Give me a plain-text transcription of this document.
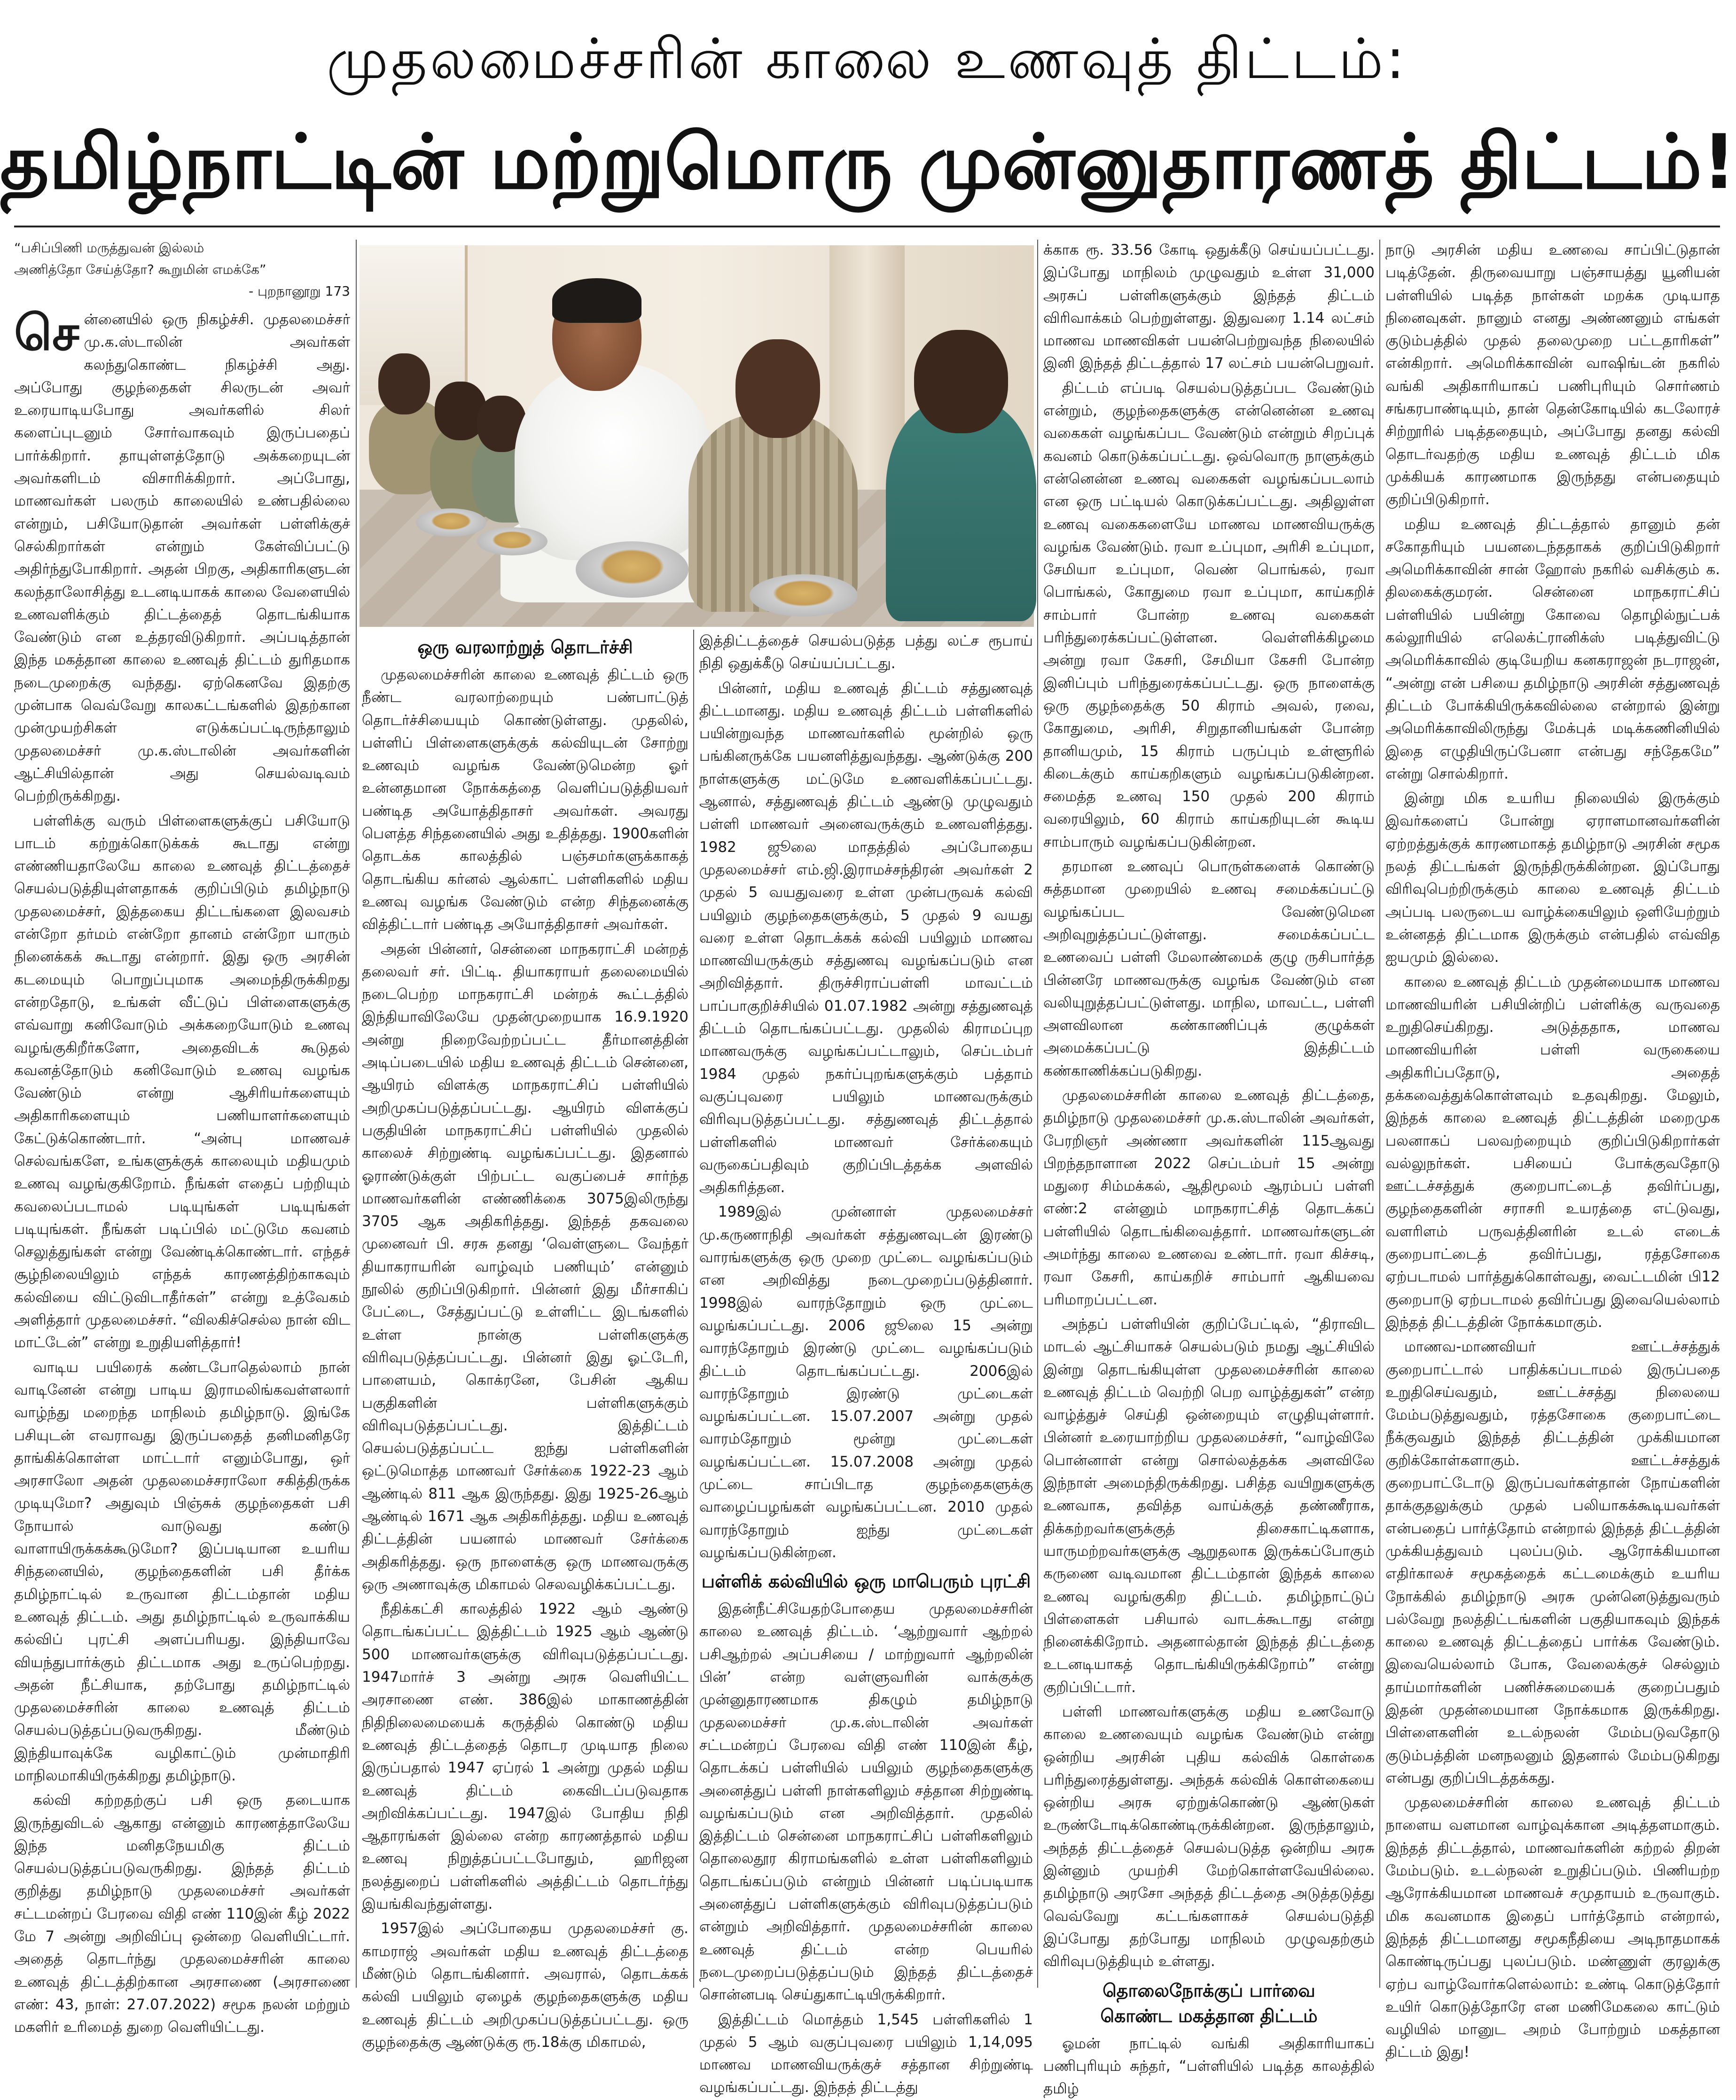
முதலமைச்சரின் காலை உணவுத் திட்டம்:
தமிழ்நாட்டின் மற்றுமொரு முன்னுதாரணத் திட்டம்!
“பசிப்பிணி மருத்துவன் இல்லம்
அணித்தோ சேய்த்தோ? கூறுமின் எமக்கே”
- புறநானூறு 173

சென்னையில் ஒரு நிகழ்ச்சி. முதலமைச்சர் மு.க.ஸ்டாலின் அவர்கள் கலந்துகொண்ட நிகழ்ச்சி அது. அப்போது குழந்தைகள் சிலருடன் அவர் உரையாடியபோது அவர்களில் சிலர் களைப்புடனும் சோர்வாகவும் இருப்பதைப் பார்க்கிறார். தாயுள்ளத்தோடு அக்கறையுடன் அவர்களிடம் விசாரிக்கிறார். அப்போது, மாணவர்கள் பலரும் காலையில் உண்பதில்லை என்றும், பசியோடுதான் அவர்கள் பள்ளிக்குச் செல்கிறார்கள் என்றும் கேள்விப்பட்டு அதிர்ந்துபோகிறார். அதன் பிறகு, அதிகாரிகளுடன் கலந்தாலோசித்து உடனடியாகக் காலை வேளையில் உணவளிக்கும் திட்டத்தைத் தொடங்கியாக வேண்டும் என உத்தரவிடுகிறார். அப்படித்தான் இந்த மகத்தான காலை உணவுத் திட்டம் துரிதமாக நடைமுறைக்கு வந்தது. ஏற்கெனவே இதற்கு முன்பாக வெவ்வேறு காலகட்டங்களில் இதற்கான முன்முயற்சிகள் எடுக்கப்பட்டிருந்தாலும் முதலமைச்சர் மு.க.ஸ்டாலின் அவர்களின் ஆட்சியில்தான் அது செயல்வடிவம் பெற்றிருக்கிறது.

பள்ளிக்கு வரும் பிள்ளைகளுக்குப் பசியோடு பாடம் கற்றுக்கொடுக்கக் கூடாது என்று எண்ணியதாலேயே காலை உணவுத் திட்டத்தைச் செயல்படுத்தியுள்ளதாகக் குறிப்பிடும் தமிழ்நாடு முதலமைச்சர், இத்தகைய திட்டங்களை இலவசம் என்றோ தர்மம் என்றோ தானம் என்றோ யாரும் நினைக்கக் கூடாது என்றார். இது ஒரு அரசின் கடமையும் பொறுப்புமாக அமைந்திருக்கிறது என்றதோடு, உங்கள் வீட்டுப் பிள்ளைகளுக்கு எவ்வாறு கனிவோடும் அக்கறையோடும் உணவு வழங்குகிறீர்களோ, அதைவிடக் கூடுதல் கவனத்தோடும் கனிவோடும் உணவு வழங்க வேண்டும் என்று ஆசிரியர்களையும் அதிகாரிகளையும் பணியாளர்களையும் கேட்டுக்கொண்டார். “அன்பு மாணவச் செல்வங்களே, உங்களுக்குக் காலையும் மதியமும் உணவு வழங்குகிறோம். நீங்கள் எதைப் பற்றியும் கவலைப்படாமல் படியுங்கள் படியுங்கள் படியுங்கள். நீங்கள் படிப்பில் மட்டுமே கவனம் செலுத்துங்கள் என்று வேண்டிக்கொண்டார். எந்தச் சூழ்நிலையிலும் எந்தக் காரணத்திற்காகவும் கல்வியை விட்டுவிடாதீர்கள்” என்று உத்வேகம் அளித்தார் முதலமைச்சர். “விலகிச்செல்ல நான் விட மாட்டேன்” என்று உறுதியளித்தார்!

வாடிய பயிரைக் கண்டபோதெல்லாம் நான் வாடினேன் என்று பாடிய இராமலிங்கவள்ளலார் வாழ்ந்து மறைந்த மாநிலம் தமிழ்நாடு. இங்கே பசியுடன் எவராவது இருப்பதைத் தனிமனிதரே தாங்கிக்கொள்ள மாட்டார் எனும்போது, ஒர் அரசாலோ அதன் முதலமைச்சராலோ சகித்திருக்க முடியுமோ? அதுவும் பிஞ்சுக் குழந்தைகள் பசி நோயால் வாடுவது கண்டு வாளாயிருக்கக்கூடுமோ? இப்படியான உயரிய சிந்தனையில், குழந்தைகளின் பசி தீர்க்க தமிழ்நாட்டில் உருவான திட்டம்தான் மதிய உணவுத் திட்டம். அது தமிழ்நாட்டில் உருவாக்கிய கல்விப் புரட்சி அளப்பரியது. இந்தியாவே வியந்துபார்க்கும் திட்டமாக அது உருப்பெற்றது. அதன் நீட்சியாக, தற்போது தமிழ்நாட்டில் முதலமைச்சரின் காலை உணவுத் திட்டம் செயல்படுத்தப்படுவருகிறது. மீண்டும் இந்தியாவுக்கே வழிகாட்டும் முன்மாதிரி மாநிலமாகியிருக்கிறது தமிழ்நாடு.

கல்வி கற்றதற்குப் பசி ஒரு தடையாக இருந்துவிடல் ஆகாது என்னும் காரணத்தாலேயே இந்த மனிதநேயமிகு திட்டம் செயல்படுத்தப்படுவருகிறது. இந்தத் திட்டம் குறித்து தமிழ்நாடு முதலமைச்சர் அவர்கள் சட்டமன்றப் பேரவை விதி எண் 110இன் கீழ் 2022 மே 7 அன்று அறிவிப்பு ஒன்றை வெளியிட்டார். அதைத் தொடர்ந்து முதலமைச்சரின் காலை உணவுத் திட்டத்திற்கான அரசாணை (அரசாணை எண்: 43, நாள்: 27.07.2022) சமூக நலன் மற்றும் மகளிர் உரிமைத் துறை வெளியிட்டது.

ஒரு வரலாற்றுத் தொடர்ச்சி

முதலமைச்சரின் காலை உணவுத் திட்டம் ஒரு நீண்ட வரலாற்றையும் பண்பாட்டுத் தொடர்ச்சியையும் கொண்டுள்ளது. முதலில், பள்ளிப் பிள்ளைகளுக்குக் கல்வியுடன் சோற்று உணவும் வழங்க வேண்டுமென்ற ஓர் உன்னதமான நோக்கத்தை வெளிப்படுத்தியவர் பண்டித அயோத்திதாசர் அவர்கள். அவரது பௌத்த சிந்தனையில் அது உதித்தது. 1900களின் தொடக்க காலத்தில் பஞ்சமர்களுக்காகத் தொடங்கிய கர்னல் ஆல்காட் பள்ளிகளில் மதிய உணவு வழங்க வேண்டும் என்ற சிந்தனைக்கு வித்திட்டார் பண்டித அயோத்திதாசர் அவர்கள்.

அதன் பின்னர், சென்னை மாநகராட்சி மன்றத் தலைவர் சர். பிட்டி. தியாகராயர் தலைமையில் நடைபெற்ற மாநகராட்சி மன்றக் கூட்டத்தில் இந்தியாவிலேயே முதன்முறையாக 16.9.1920 அன்று நிறைவேற்றப்பட்ட தீர்மானத்தின் அடிப்படையில் மதிய உணவுத் திட்டம் சென்னை, ஆயிரம் விளக்கு மாநகராட்சிப் பள்ளியில் அறிமுகப்படுத்தப்பட்டது. ஆயிரம் விளக்குப் பகுதியின் மாநகராட்சிப் பள்ளியில் முதலில் காலைச் சிற்றுண்டி வழங்கப்பட்டது. இதனால் ஓராண்டுக்குள் பிற்பட்ட வகுப்பைச் சார்ந்த மாணவர்களின் எண்ணிக்கை 3075இலிருந்து 3705 ஆக அதிகரித்தது. இந்தத் தகவலை முனைவர் பி. சரசு தனது ‘வெள்ளுடை வேந்தர் தியாகராயரின் வாழ்வும் பணியும்’ என்னும் நூலில் குறிப்பிடுகிறார். பின்னர் இது மீர்சாகிப் பேட்டை, சேத்துப்பட்டு உள்ளிட்ட இடங்களில் உள்ள நான்கு பள்ளிகளுக்கு விரிவுபடுத்தப்பட்டது. பின்னர் இது ஓட்டேரி, பாளையம், கொக்ரனே, பேசின் ஆகிய பகுதிகளின் பள்ளிகளுக்கும் விரிவுபடுத்தப்பட்டது. இத்திட்டம் செயல்படுத்தப்பட்ட ஐந்து பள்ளிகளின் ஒட்டுமொத்த மாணவர் சேர்க்கை 1922-23 ஆம் ஆண்டில் 811 ஆக இருந்தது. இது 1925-26ஆம் ஆண்டில் 1671 ஆக அதிகரித்தது. மதிய உணவுத் திட்டத்தின் பயனால் மாணவர் சேர்க்கை அதிகரித்தது. ஒரு நாளைக்கு ஒரு மாணவருக்கு ஒரு அணாவுக்கு மிகாமல் செலவழிக்கப்பட்டது.

நீதிக்கட்சி காலத்தில் 1922 ஆம் ஆண்டு தொடங்கப்பட்ட இத்திட்டம் 1925 ஆம் ஆண்டு 500 மாணவர்களுக்கு விரிவுபடுத்தப்பட்டது. 1947மார்ச் 3 அன்று அரசு வெளியிட்ட அரசாணை எண். 386இல் மாகாணத்தின் நிதிநிலைமையைக் கருத்தில் கொண்டு மதிய உணவுத் திட்டத்தைத் தொடர முடியாத நிலை இருப்பதால் 1947 ஏப்ரல் 1 அன்று முதல் மதிய உணவுத் திட்டம் கைவிடப்படுவதாக அறிவிக்கப்பட்டது. 1947இல் போதிய நிதி ஆதாரங்கள் இல்லை என்ற காரணத்தால் மதிய உணவு நிறுத்தப்பட்டபோதும், ஹரிஜன நலத்துறைப் பள்ளிகளில் அத்திட்டம் தொடர்ந்து இயங்கிவந்துள்ளது.

1957இல் அப்போதைய முதலமைச்சர் கு. காமராஜ் அவர்கள் மதிய உணவுத் திட்டத்தை மீண்டும் தொடங்கினார். அவரால், தொடக்கக் கல்வி பயிலும் ஏழைக் குழந்தைகளுக்கு மதிய உணவுத் திட்டம் அறிமுகப்படுத்தப்பட்டது. ஒரு குழந்தைக்கு ஆண்டுக்கு ரூ.18க்கு மிகாமல்,

இத்திட்டத்தைச் செயல்படுத்த பத்து லட்ச ரூபாய் நிதி ஒதுக்கீடு செய்யப்பட்டது.

பின்னர், மதிய உணவுத் திட்டம் சத்துணவுத் திட்டமானது. மதிய உணவுத் திட்டம் பள்ளிகளில் பயின்றுவந்த மாணவர்களில் மூன்றில் ஒரு பங்கினருக்கே பயனளித்துவந்தது. ஆண்டுக்கு 200 நாள்களுக்கு மட்டுமே உணவளிக்கப்பட்டது. ஆனால், சத்துணவுத் திட்டம் ஆண்டு முழுவதும் பள்ளி மாணவர் அனைவருக்கும் உணவளித்தது. 1982 ஜூலை மாதத்தில் அப்போதைய முதலமைச்சர் எம்.ஜி.இராமச்சந்திரன் அவர்கள் 2 முதல் 5 வயதுவரை உள்ள முன்பருவக் கல்வி பயிலும் குழந்தைகளுக்கும், 5 முதல் 9 வயது வரை உள்ள தொடக்கக் கல்வி பயிலும் மாணவ மாணவியருக்கும் சத்துணவு வழங்கப்படும் என அறிவித்தார். திருச்சிராப்பள்ளி மாவட்டம் பாப்பாகுறிச்சியில் 01.07.1982 அன்று சத்துணவுத் திட்டம் தொடங்கப்பட்டது. முதலில் கிராமப்புற மாணவருக்கு வழங்கப்பட்டாலும், செப்டம்பர் 1984 முதல் நகர்ப்புறங்களுக்கும் பத்தாம் வகுப்புவரை பயிலும் மாணவருக்கும் விரிவுபடுத்தப்பட்டது. சத்துணவுத் திட்டத்தால் பள்ளிகளில் மாணவர் சேர்க்கையும் வருகைப்பதிவும் குறிப்பிடத்தக்க அளவில் அதிகரித்தன.

1989இல் முன்னாள் முதலமைச்சர் மு.கருணாநிதி அவர்கள் சத்துணவுடன் இரண்டு வாரங்களுக்கு ஒரு முறை முட்டை வழங்கப்படும் என அறிவித்து நடைமுறைப்படுத்தினார். 1998இல் வாரந்தோறும் ஒரு முட்டை வழங்கப்பட்டது. 2006 ஜூலை 15 அன்று வாரந்தோறும் இரண்டு முட்டை வழங்கப்படும் திட்டம் தொடங்கப்பட்டது. 2006இல் வாரந்தோறும் இரண்டு முட்டைகள் வழங்கப்பட்டன. 15.07.2007 அன்று முதல் வாரம்தோறும் மூன்று முட்டைகள் வழங்கப்பட்டன. 15.07.2008 அன்று முதல் முட்டை சாப்பிடாத குழந்தைகளுக்கு வாழைப்பழங்கள் வழங்கப்பட்டன. 2010 முதல் வாரந்தோறும் ஐந்து முட்டைகள் வழங்கப்படுகின்றன.

பள்ளிக் கல்வியில் ஒரு மாபெரும் புரட்சி

இதன்நீட்சியேதற்போதைய முதலமைச்சரின் காலை உணவுத் திட்டம். ‘ஆற்றுவார் ஆற்றல் பசிஆற்றல் அப்பசியை / மாற்றுவார் ஆற்றலின் பின்’ என்ற வள்ளுவரின் வாக்குக்கு முன்னுதாரணமாக திகழும் தமிழ்நாடு முதலமைச்சர் மு.க.ஸ்டாலின் அவர்கள் சட்டமன்றப் பேரவை விதி எண் 110இன் கீழ், தொடக்கப் பள்ளியில் பயிலும் குழந்தைகளுக்கு அனைத்துப் பள்ளி நாள்களிலும் சத்தான சிற்றுண்டி வழங்கப்படும் என அறிவித்தார். முதலில் இத்திட்டம் சென்னை மாநகராட்சிப் பள்ளிகளிலும் தொலைதூர கிராமங்களில் உள்ள பள்ளிகளிலும் தொடங்கப்படும் என்றும் பின்னர் படிப்படியாக அனைத்துப் பள்ளிகளுக்கும் விரிவுபடுத்தப்படும் என்றும் அறிவித்தார். முதலமைச்சரின் காலை உணவுத் திட்டம் என்ற பெயரில் நடைமுறைப்படுத்தப்படும் இந்தத் திட்டத்தைச் சொன்னபடி செய்துகாட்டியிருக்கிறார்.

இத்திட்டம் மொத்தம் 1,545 பள்ளிகளில் 1 முதல் 5 ஆம் வகுப்புவரை பயிலும் 1,14,095 மாணவ மாணவியருக்குச் சத்தான சிற்றுண்டி வழங்கப்பட்டது. இந்தத் திட்டத்து

க்காக ரூ. 33.56 கோடி ஒதுக்கீடு செய்யப்பட்டது. இப்போது மாநிலம் முழுவதும் உள்ள 31,000 அரசுப் பள்ளிகளுக்கும் இந்தத் திட்டம் விரிவாக்கம் பெற்றுள்ளது. இதுவரை 1.14 லட்சம் மாணவ மாணவிகள் பயன்பெற்றுவந்த நிலையில் இனி இந்தத் திட்டத்தால் 17 லட்சம் பயன்பெறுவர்.

திட்டம் எப்படி செயல்படுத்தப்பட வேண்டும் என்றும், குழந்தைகளுக்கு என்னென்ன உணவு வகைகள் வழங்கப்பட வேண்டும் என்றும் சிறப்புக் கவனம் கொடுக்கப்பட்டது. ஒவ்வொரு நாளுக்கும் என்னென்ன உணவு வகைகள் வழங்கப்படலாம் என ஒரு பட்டியல் கொடுக்கப்பட்டது. அதிலுள்ள உணவு வகைகளையே மாணவ மாணவியருக்கு வழங்க வேண்டும். ரவா உப்புமா, அரிசி உப்புமா, சேமியா உப்புமா, வெண் பொங்கல், ரவா பொங்கல், கோதுமை ரவா உப்புமா, காய்கறிச் சாம்பார் போன்ற உணவு வகைகள் பரிந்துரைக்கப்பட்டுள்ளன. வெள்ளிக்கிழமை அன்று ரவா கேசரி, சேமியா கேசரி போன்ற இனிப்பும் பரிந்துரைக்கப்பட்டது. ஒரு நாளைக்கு ஒரு குழந்தைக்கு 50 கிராம் அவல், ரவை, கோதுமை, அரிசி, சிறுதானியங்கள் போன்ற தானியமும், 15 கிராம் பருப்பும் உள்ளூரில் கிடைக்கும் காய்கறிகளும் வழங்கப்படுகின்றன. சமைத்த உணவு 150 முதல் 200 கிராம் வரையிலும், 60 கிராம் காய்கறியுடன் கூடிய சாம்பாரும் வழங்கப்படுகின்றன.

தரமான உணவுப் பொருள்களைக் கொண்டு சுத்தமான முறையில் உணவு சமைக்கப்பட்டு வழங்கப்பட வேண்டுமென அறிவுறுத்தப்பட்டுள்ளது. சமைக்கப்பட்ட உணவைப் பள்ளி மேலாண்மைக் குழு ருசிபார்த்த பின்னரே மாணவருக்கு வழங்க வேண்டும் என வலியுறுத்தப்பட்டுள்ளது. மாநில, மாவட்ட, பள்ளி அளவிலான கண்காணிப்புக் குழுக்கள் அமைக்கப்பட்டு இத்திட்டம் கண்காணிக்கப்படுகிறது.

முதலமைச்சரின் காலை உணவுத் திட்டத்தை, தமிழ்நாடு முதலமைச்சர் மு.க.ஸ்டாலின் அவர்கள், பேரறிஞர் அண்ணா அவர்களின் 115ஆவது பிறந்தநாளான 2022 செப்டம்பர் 15 அன்று மதுரை சிம்மக்கல், ஆதிமூலம் ஆரம்பப் பள்ளி எண்:2 என்னும் மாநகராட்சித் தொடக்கப் பள்ளியில் தொடங்கிவைத்தார். மாணவர்களுடன் அமர்ந்து காலை உணவை உண்டார். ரவா கிச்சடி, ரவா கேசரி, காய்கறிச் சாம்பார் ஆகியவை பரிமாறப்பட்டன.

அந்தப் பள்ளியின் குறிப்பேட்டில், “திராவிட மாடல் ஆட்சியாகச் செயல்படும் நமது ஆட்சியில் இன்று தொடங்கியுள்ள முதலமைச்சரின் காலை உணவுத் திட்டம் வெற்றி பெற வாழ்த்துகள்” என்ற வாழ்த்துச் செய்தி ஒன்றையும் எழுதியுள்ளார். பின்னர் உரையாற்றிய முதலமைச்சர், “வாழ்விலே பொன்னாள் என்று சொல்லத்தக்க அளவிலே இந்நாள் அமைந்திருக்கிறது. பசித்த வயிறுகளுக்கு உணவாக, தவித்த வாய்க்குத் தண்ணீராக, திக்கற்றவர்களுக்குத் திசைகாட்டிகளாக, யாருமற்றவர்களுக்கு ஆறுதலாக இருக்கப்போகும் கருணை வடிவமான திட்டம்தான் இந்தக் காலை உணவு வழங்குகிற திட்டம். தமிழ்நாட்டுப் பிள்ளைகள் பசியால் வாடக்கூடாது என்று நினைக்கிறோம். அதனால்தான் இந்தத் திட்டத்தை உடனடியாகத் தொடங்கியிருக்கிறோம்” என்று குறிப்பிட்டார்.

பள்ளி மாணவர்களுக்கு மதிய உணவோடு காலை உணவையும் வழங்க வேண்டும் என்று ஒன்றிய அரசின் புதிய கல்விக் கொள்கை பரிந்துரைத்துள்ளது. அந்தக் கல்விக் கொள்கையை ஒன்றிய அரசு ஏற்றுக்கொண்டு ஆண்டுகள் உருண்டோடிக்கொண்டிருக்கின்றன. இருந்தாலும், அந்தத் திட்டத்தைச் செயல்படுத்த ஒன்றிய அரசு இன்னும் முயற்சி மேற்கொள்ளவேயில்லை. தமிழ்நாடு அரசோ அந்தத் திட்டத்தை அடுத்தடுத்து வெவ்வேறு கட்டங்களாகச் செயல்படுத்தி இப்போது தற்போது மாநிலம் முழுவதற்கும் விரிவுபடுத்தியும் உள்ளது.

தொலைநோக்குப் பார்வை
கொண்ட மகத்தான திட்டம்

ஓமன் நாட்டில் வங்கி அதிகாரியாகப் பணிபுரியும் சுந்தர், “பள்ளியில் படித்த காலத்தில் தமிழ்

நாடு அரசின் மதிய உணவை சாப்பிட்டுதான் படித்தேன். திருவையாறு பஞ்சாயத்து யூனியன் பள்ளியில் படித்த நாள்கள் மறக்க முடியாத நினைவுகள். நானும் எனது அண்ணனும் எங்கள் குடும்பத்தில் முதல் தலைமுறை பட்டதாரிகள்” என்கிறார். அமெரிக்காவின் வாஷிங்டன் நகரில் வங்கி அதிகாரியாகப் பணிபுரியும் சொர்ணம் சங்கரபாண்டியும், தான் தென்கோடியில் கடலோரச் சிற்றூரில் படித்ததையும், அப்போது தனது கல்வி தொடர்வதற்கு மதிய உணவுத் திட்டம் மிக முக்கியக் காரணமாக இருந்தது என்பதையும் குறிப்பிடுகிறார்.

மதிய உணவுத் திட்டத்தால் தானும் தன் சகோதரியும் பயனடைந்ததாகக் குறிப்பிடுகிறார் அமெரிக்காவின் சான் ஹோஸ் நகரில் வசிக்கும் க. திலகைக்குமரன். சென்னை மாநகராட்சிப் பள்ளியில் பயின்று கோவை தொழில்நுட்பக் கல்லூரியில் எலெக்ட்ரானிக்ஸ் படித்துவிட்டு அமெரிக்காவில் குடியேறிய கனகராஜன் நடராஜன், “அன்று என் பசியை தமிழ்நாடு அரசின் சத்துணவுத் திட்டம் போக்கியிருக்கவில்லை என்றால் இன்று அமெரிக்காவிலிருந்து மேக்புக் மடிக்கணினியில் இதை எழுதியிருப்பேனா என்பது சந்தேகமே” என்று சொல்கிறார்.

இன்று மிக உயரிய நிலையில் இருக்கும் இவர்களைப் போன்று ஏராளமானவர்களின் ஏற்றத்துக்குக் காரணமாகத் தமிழ்நாடு அரசின் சமூக நலத் திட்டங்கள் இருந்திருக்கின்றன. இப்போது விரிவுபெற்றிருக்கும் காலை உணவுத் திட்டம் அப்படி பலருடைய வாழ்க்கையிலும் ஒளியேற்றும் உன்னதத் திட்டமாக இருக்கும் என்பதில் எவ்வித ஐயமும் இல்லை.

காலை உணவுத் திட்டம் முதன்மையாக மாணவ மாணவியரின் பசியின்றிப் பள்ளிக்கு வருவதை உறுதிசெய்கிறது. அடுத்ததாக, மாணவ மாணவியரின் பள்ளி வருகையை அதிகரிப்பதோடு, அதைத் தக்கவைத்துக்கொள்ளவும் உதவுகிறது. மேலும், இந்தக் காலை உணவுத் திட்டத்தின் மறைமுக பலனாகப் பலவற்றையும் குறிப்பிடுகிறார்கள் வல்லுநர்கள். பசியைப் போக்குவதோடு ஊட்டச்சத்துக் குறைபாட்டைத் தவிர்ப்பது, குழந்தைகளின் சராசரி உயரத்தை எட்டுவது, வளரிளம் பருவத்தினரின் உடல் எடைக் குறைபாட்டைத் தவிர்ப்பது, ரத்தசோகை ஏற்படாமல் பார்த்துக்கொள்வது, வைட்டமின் பி12 குறைபாடு ஏற்படாமல் தவிர்ப்பது இவையெல்லாம் இந்தத் திட்டத்தின் நோக்கமாகும்.

மாணவ-மாணவியர் ஊட்டச்சத்துக் குறைபாட்டால் பாதிக்கப்படாமல் இருப்பதை உறுதிசெய்வதும், ஊட்டச்சத்து நிலையை மேம்படுத்துவதும், ரத்தசோகை குறைபாட்டை நீக்குவதும் இந்தத் திட்டத்தின் முக்கியமான குறிக்கோள்களாகும். ஊட்டச்சத்துக் குறைபாட்டோடு இருப்பவர்கள்தான் நோய்களின் தாக்குதலுக்கும் முதல் பலியாகக்கூடியவர்கள் என்பதைப் பார்த்தோம் என்றால் இந்தத் திட்டத்தின் முக்கியத்துவம் புலப்படும். ஆரோக்கியமான எதிர்காலச் சமூகத்தைக் கட்டமைக்கும் உயரிய நோக்கில் தமிழ்நாடு அரசு முன்னெடுத்துவரும் பல்வேறு நலத்திட்டங்களின் பகுதியாகவும் இந்தக் காலை உணவுத் திட்டத்தைப் பார்க்க வேண்டும். இவையெல்லாம் போக, வேலைக்குச் செல்லும் தாய்மார்களின் பணிச்சுமையைக் குறைப்பதும் இதன் முதன்மையான நோக்கமாக இருக்கிறது. பிள்ளைகளின் உடல்நலன் மேம்படுவதோடு குடும்பத்தின் மனநலனும் இதனால் மேம்படுகிறது என்பது குறிப்பிடத்தக்கது.

முதலமைச்சரின் காலை உணவுத் திட்டம் நாளைய வளமான வாழ்வுக்கான அடித்தளமாகும். இந்தத் திட்டத்தால், மாணவர்களின் கற்றல் திறன் மேம்படும். உடல்நலன் உறுதிப்படும். பிணியற்ற ஆரோக்கியமான மாணவச் சமுதாயம் உருவாகும். மிக கவனமாக இதைப் பார்த்தோம் என்றால், இந்தத் திட்டமானது சமூகநீதியை அடிநாதமாகக் கொண்டிருப்பது புலப்படும். மண்ணுள் குரலுக்கு ஏற்ப வாழ்வோர்களெல்லாம்: உண்டி கொடுத்தோர் உயிர் கொடுத்தோரே என மணிமேகலை காட்டும் வழியில் மானுட அறம் போற்றும் மகத்தான திட்டம் இது!
